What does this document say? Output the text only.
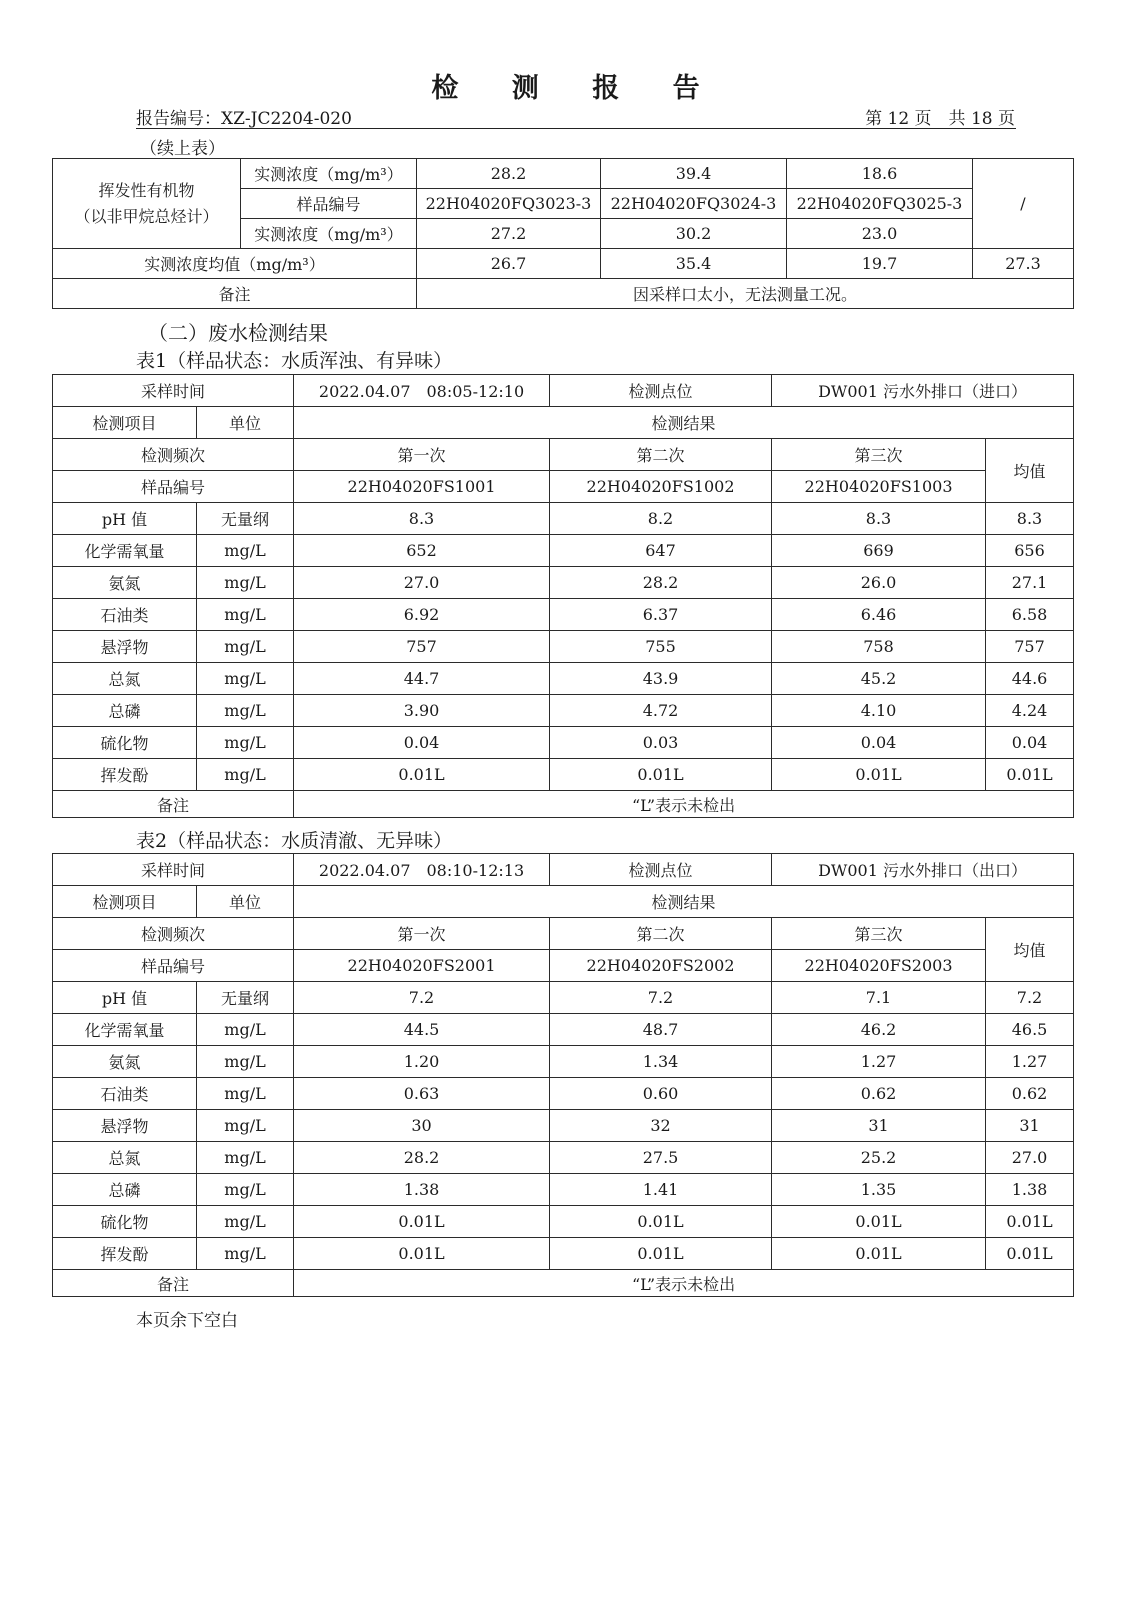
检 测 报 告
报告编号：XZ-JC2204-020	第 12 页　共 18 页
（续上表）
挥发性有机物
（以非甲烷总烃计）	实测浓度（mg/m³）	28.2	39.4	18.6	/
	样品编号	22H04020FQ3023-3	22H04020FQ3024-3	22H04020FQ3025-3	
	实测浓度（mg/m³）	27.2	30.2	23.0	
实测浓度均值（mg/m³）		26.7	35.4	19.7	27.3
备注		因采样口太小，无法测量工况。			
（二）废水检测结果
表1（样品状态：水质浑浊、有异味）
采样时间		2022.04.07　08:05-12:10	检测点位	DW001 污水外排口（进口）	
检测项目	单位	检测结果			
检测频次		第一次	第二次	第三次	均值
样品编号		22H04020FS1001	22H04020FS1002	22H04020FS1003	
pH 值	无量纲	8.3	8.2	8.3	8.3
化学需氧量	mg/L	652	647	669	656
氨氮	mg/L	27.0	28.2	26.0	27.1
石油类	mg/L	6.92	6.37	6.46	6.58
悬浮物	mg/L	757	755	758	757
总氮	mg/L	44.7	43.9	45.2	44.6
总磷	mg/L	3.90	4.72	4.10	4.24
硫化物	mg/L	0.04	0.03	0.04	0.04
挥发酚	mg/L	0.01L	0.01L	0.01L	0.01L
备注		“L”表示未检出			
表2（样品状态：水质清澈、无异味）
采样时间		2022.04.07　08:10-12:13	检测点位	DW001 污水外排口（出口）	
检测项目	单位	检测结果			
检测频次		第一次	第二次	第三次	均值
样品编号		22H04020FS2001	22H04020FS2002	22H04020FS2003	
pH 值	无量纲	7.2	7.2	7.1	7.2
化学需氧量	mg/L	44.5	48.7	46.2	46.5
氨氮	mg/L	1.20	1.34	1.27	1.27
石油类	mg/L	0.63	0.60	0.62	0.62
悬浮物	mg/L	30	32	31	31
总氮	mg/L	28.2	27.5	25.2	27.0
总磷	mg/L	1.38	1.41	1.35	1.38
硫化物	mg/L	0.01L	0.01L	0.01L	0.01L
挥发酚	mg/L	0.01L	0.01L	0.01L	0.01L
备注		“L”表示未检出			
本页余下空白
